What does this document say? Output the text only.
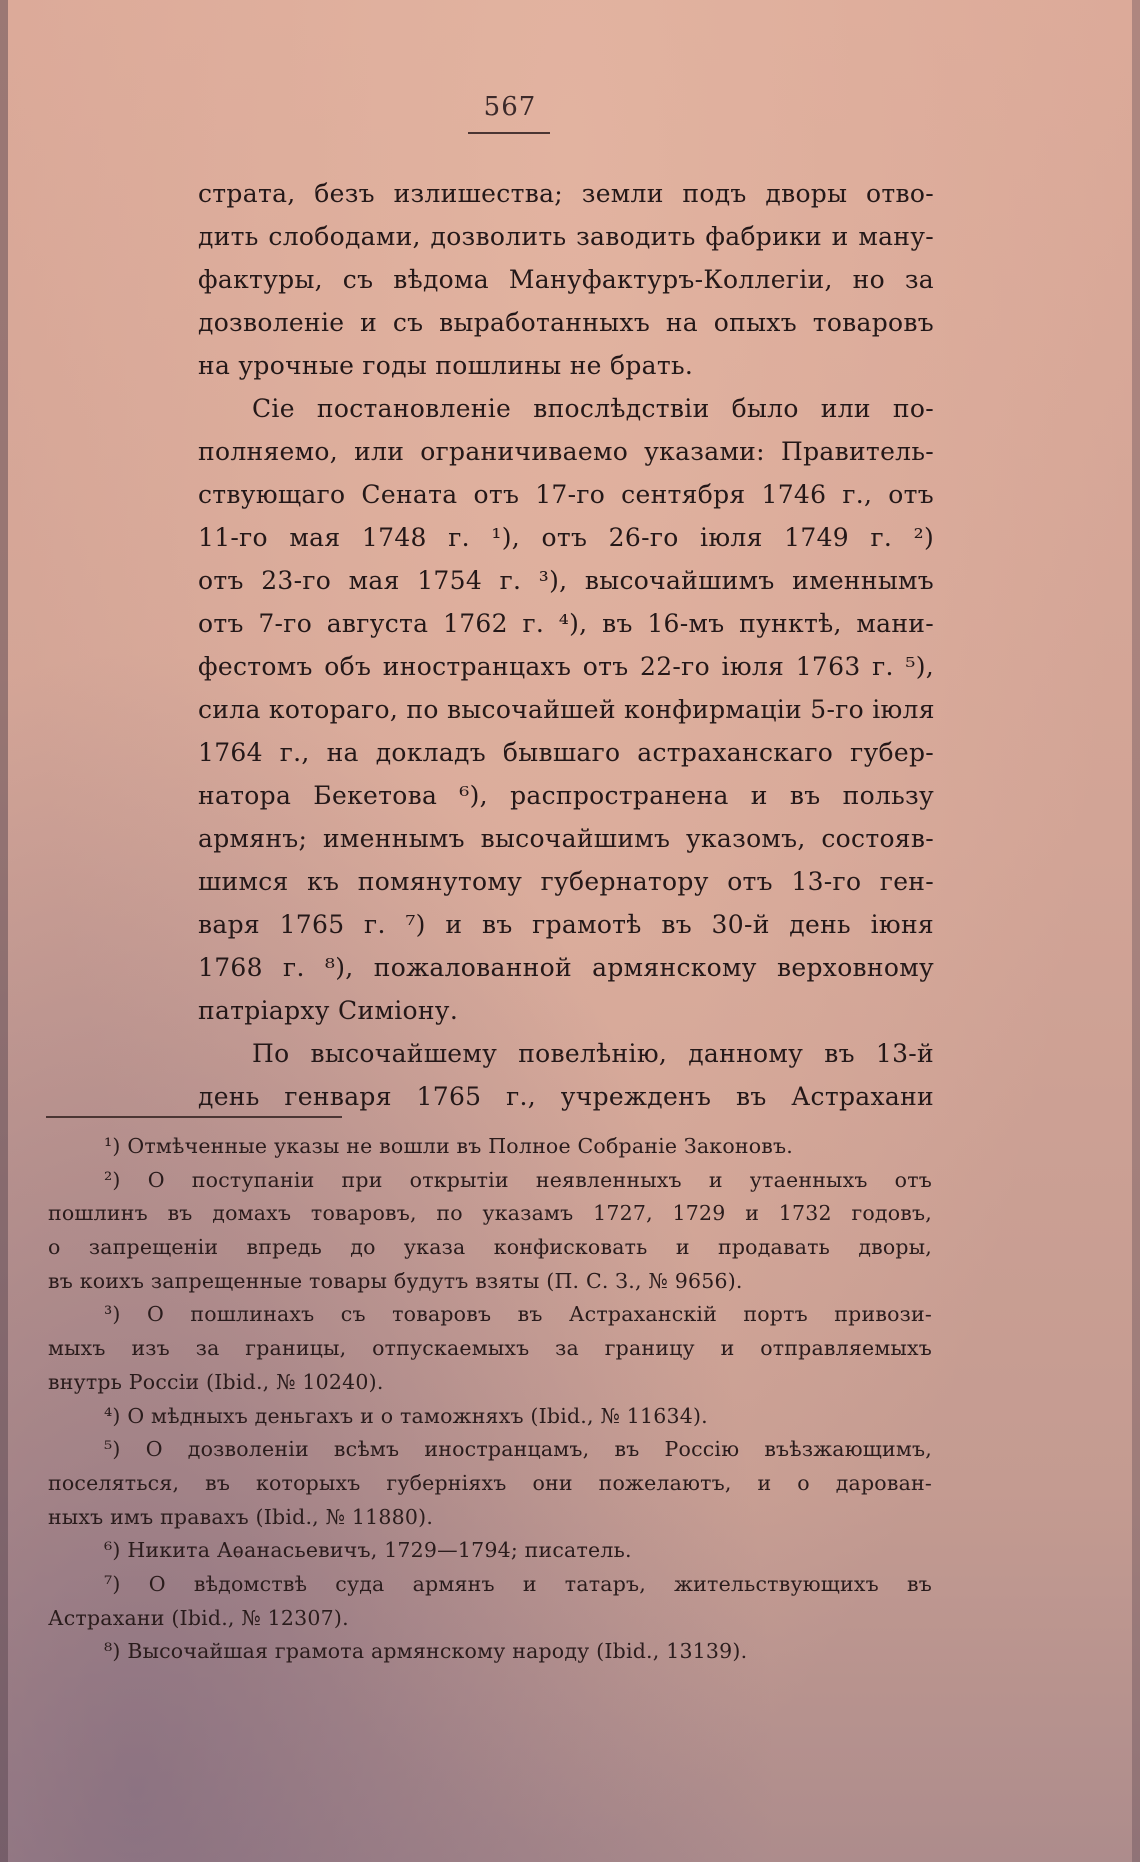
567
страта, безъ излишества; земли подъ дворы отво-
дить слободами, дозволить заводить фабрики и ману-
фактуры, съ вѣдома Мануфактуръ-Коллегіи, но за
дозволеніе и съ выработанныхъ на опыхъ товаровъ
на урочные годы пошлины не брать.
Сіе постановленіе впослѣдствіи было или по-
полняемо, или ограничиваемо указами: Правитель-
ствующаго Сената отъ 17-го сентября 1746 г., отъ
11-го мая 1748 г. ¹), отъ 26-го іюля 1749 г. ²)
отъ 23-го мая 1754 г. ³), высочайшимъ именнымъ
отъ 7-го августа 1762 г. ⁴), въ 16-мъ пунктѣ, мани-
фестомъ объ иностранцахъ отъ 22-го іюля 1763 г. ⁵),
сила котораго, по высочайшей конфирмаціи 5-го іюля
1764 г., на докладъ бывшаго астраханскаго губер-
натора Бекетова ⁶), распространена и въ пользу
армянъ; именнымъ высочайшимъ указомъ, состояв-
шимся къ помянутому губернатору отъ 13-го ген-
варя 1765 г. ⁷) и въ грамотѣ въ 30-й день іюня
1768 г. ⁸), пожалованной армянскому верховному
патріарху Симіону.
По высочайшему повелѣнію, данному въ 13-й
день генваря 1765 г., учрежденъ въ Астрахани
¹) Отмѣченные указы не вошли въ Полное Собраніе Законовъ.
²) О поступаніи при открытіи неявленныхъ и утаенныхъ отъ
пошлинъ въ домахъ товаровъ, по указамъ 1727, 1729 и 1732 годовъ,
о запрещеніи впредь до указа конфисковать и продавать дворы,
въ коихъ запрещенные товары будутъ взяты (П. С. З., № 9656).
³) О пошлинахъ съ товаровъ въ Астраханскій портъ привози-
мыхъ изъ за границы, отпускаемыхъ за границу и отправляемыхъ
внутрь Россіи (Ibid., № 10240).
⁴) О мѣдныхъ деньгахъ и о таможняхъ (Ibid., № 11634).
⁵) О дозволеніи всѣмъ иностранцамъ, въ Россію въѣзжающимъ,
поселяться, въ которыхъ губерніяхъ они пожелаютъ, и о дарован-
ныхъ имъ правахъ (Ibid., № 11880).
⁶) Никита Аѳанасьевичъ, 1729—1794; писатель.
⁷) О вѣдомствѣ суда армянъ и татаръ, жительствующихъ въ
Астрахани (Ibid., № 12307).
⁸) Высочайшая грамота армянскому народу (Ibid., 13139).
